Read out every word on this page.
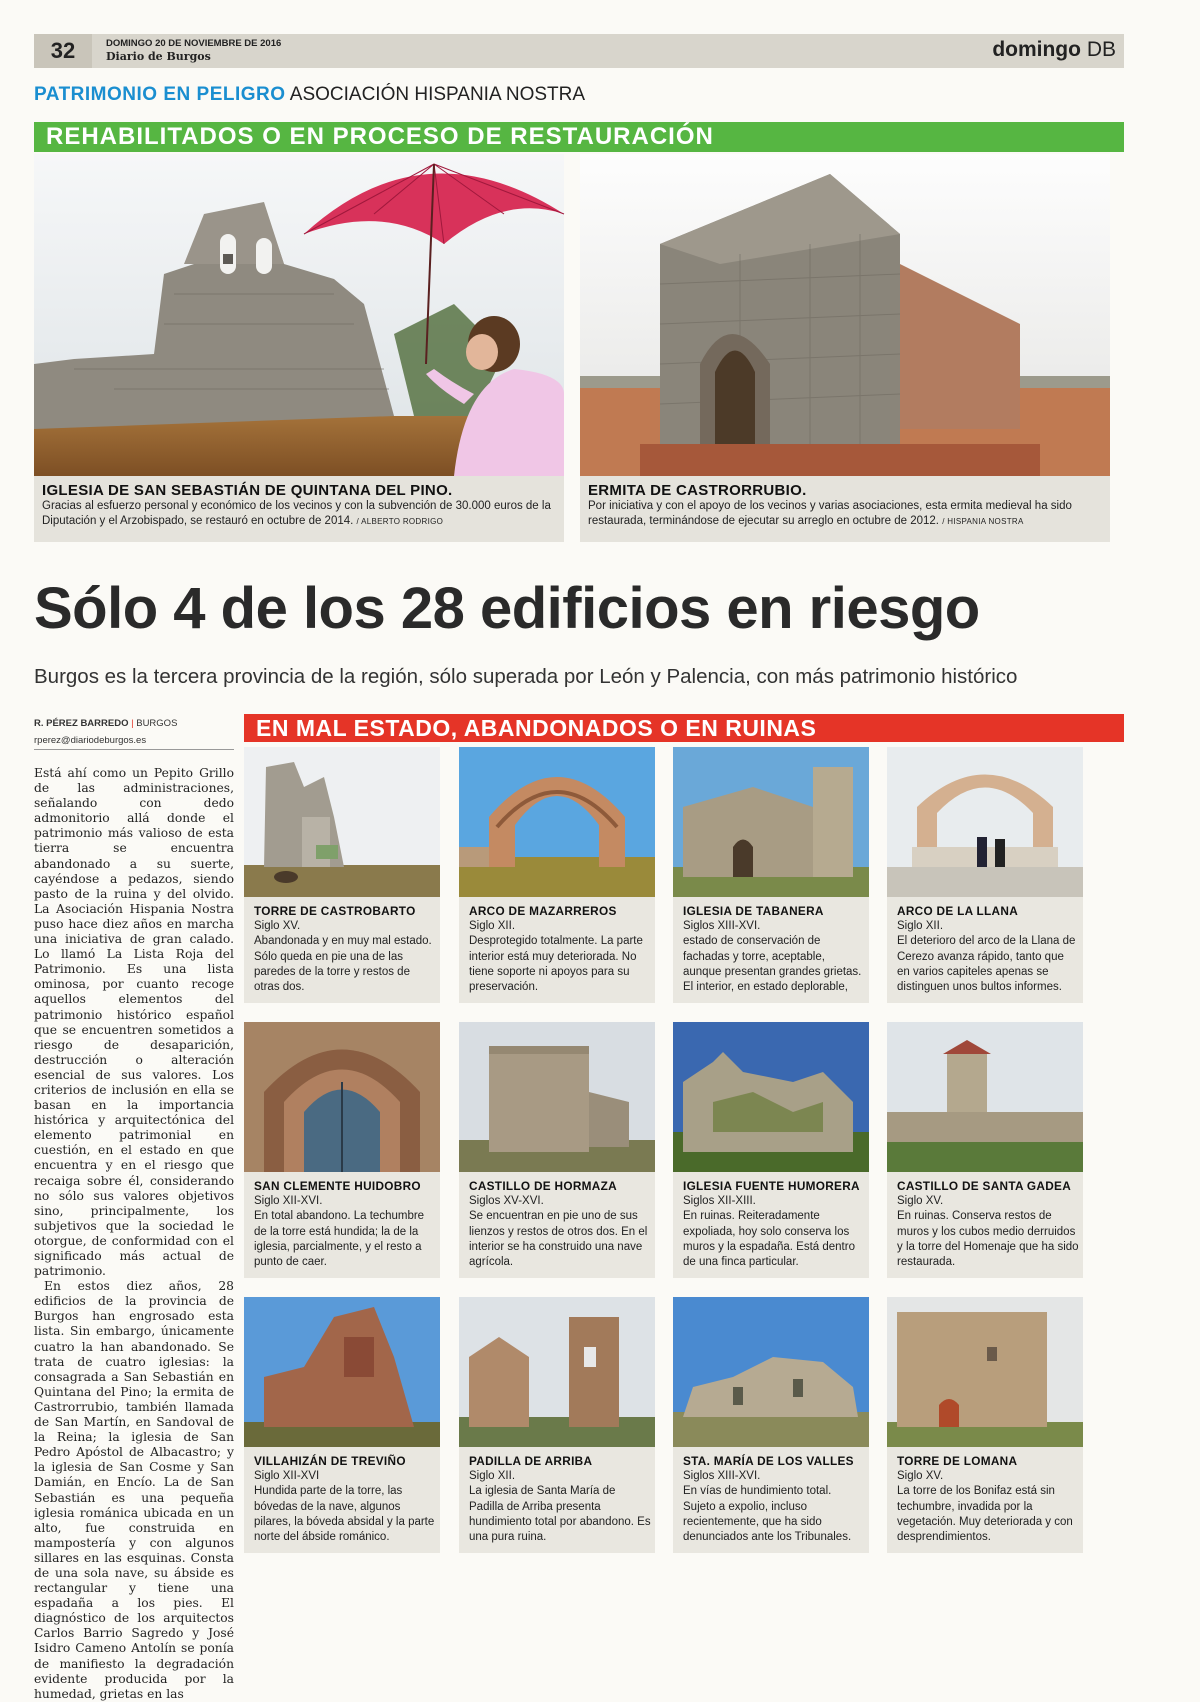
32	DOMINGO 20 DE NOVIEMBRE DE 2016
Diario de Burgos	domingo DB
PATRIMONIO EN PELIGRO ASOCIACIÓN HISPANIA NOSTRA
REHABILITADOS O EN PROCESO DE RESTAURACIÓN
IGLESIA DE SAN SEBASTIÁN DE QUINTANA DEL PINO.
Gracias al esfuerzo personal y económico de los vecinos y con la subvención de 30.000 euros de la Diputación y el Arzobispado, se restauró en octubre de 2014. / ALBERTO RODRIGO
ERMITA DE CASTRORRUBIO.
Por iniciativa y con el apoyo de los vecinos y varias asociaciones, esta ermita medieval ha sido restaurada, terminándose de ejecutar su arreglo en octubre de 2012. / HISPANIA NOSTRA
Sólo 4 de los 28 edificios en riesgo
Burgos es la tercera provincia de la región, sólo superada por León y Palencia, con más patrimonio histórico
R. PÉREZ BARREDO | BURGOS
rperez@diariodeburgos.es

Está ahí como un Pepito Grillo de las administraciones, señalando con dedo admonitorio allá donde el patrimonio más valioso de esta tierra se encuentra abandonado a su suerte, cayéndose a pedazos, siendo pasto de la ruina y del olvido. La Asociación Hispania Nostra puso hace diez años en marcha una iniciativa de gran calado. Lo llamó La Lista Roja del Patrimonio. Es una lista ominosa, por cuanto recoge aquellos elementos del patrimonio histórico español que se encuentren sometidos a riesgo de desaparición, destrucción o alteración esencial de sus valores. Los criterios de inclusión en ella se basan en la importancia histórica y arquitectónica del elemento patrimonial en cuestión, en el estado en que encuentra y en el riesgo que recaiga sobre él, considerando no sólo sus valores objetivos sino, principalmente, los subjetivos que la sociedad le otorgue, de conformidad con el significado más actual de patrimonio.

En estos diez años, 28 edificios de la provincia de Burgos han engrosado esta lista. Sin embargo, únicamente cuatro la han abandonado. Se trata de cuatro iglesias: la consagrada a San Sebastián en Quintana del Pino; la ermita de Castrorrubio, también llamada de San Martín, en Sandoval de la Reina; la iglesia de San Pedro Apóstol de Albacastro; y la iglesia de San Cosme y San Damián, en Encío. La de San Sebastián es una pequeña iglesia románica ubicada en un alto, fue construida en mampostería y con algunos sillares en las esquinas. Consta de una sola nave, su ábside es rectangular y tiene una espadaña a los pies. El diagnóstico de los arquitectos Carlos Barrio Sagredo y José Isidro Cameno Antolín se ponía de manifiesto la degradación evidente producida por la humedad, grietas en las

EN MAL ESTADO, ABANDONADOS O EN RUINAS
TORRE DE CASTROBARTO
Siglo XV.
Abandonada y en muy mal estado. Sólo queda en pie una de las paredes de la torre y restos de otras dos.
ARCO DE MAZARREROS
Siglo XII.
Desprotegido totalmente. La parte interior está muy deteriorada. No tiene soporte ni apoyos para su preservación.
IGLESIA DE TABANERA
Siglos XIII-XVI.
estado de conservación de fachadas y torre, aceptable, aunque presentan grandes grietas. El interior, en estado deplorable,
ARCO DE LA LLANA
Siglo XII.
El deterioro del arco de la Llana de Cerezo avanza rápido, tanto que en varios capiteles apenas se distinguen unos bultos informes.
SAN CLEMENTE HUIDOBRO
Siglo XII-XVI.
En total abandono. La techumbre de la torre está hundida; la de la iglesia, parcialmente, y el resto a punto de caer.
CASTILLO DE HORMAZA
Siglos XV-XVI.
Se encuentran en pie uno de sus lienzos y restos de otros dos. En el interior se ha construido una nave agrícola.
IGLESIA FUENTE HUMORERA
Siglos XII-XIII.
En ruinas. Reiteradamente expoliada, hoy solo conserva los muros y la espadaña. Está dentro de una finca particular.
CASTILLO DE SANTA GADEA
Siglo XV.
En ruinas. Conserva restos de muros y los cubos medio derruidos y la torre del Homenaje que ha sido restaurada.
VILLAHIZÁN DE TREVIÑO
Siglo XII-XVI
Hundida parte de la torre, las bóvedas de la nave, algunos pilares, la bóveda absidal y la parte norte del ábside románico.
PADILLA DE ARRIBA
Siglo XII.
La iglesia de Santa María de Padilla de Arriba presenta hundimiento total por abandono. Es una pura ruina.
STA. MARÍA DE LOS VALLES
Siglos XIII-XVI.
En vías de hundimiento total. Sujeto a expolio, incluso recientemente, que ha sido denunciados ante los Tribunales.
TORRE DE LOMANA
Siglo XV.
La torre de los Bonifaz está sin techumbre, invadida por la vegetación. Muy deteriorada y con desprendimientos.
